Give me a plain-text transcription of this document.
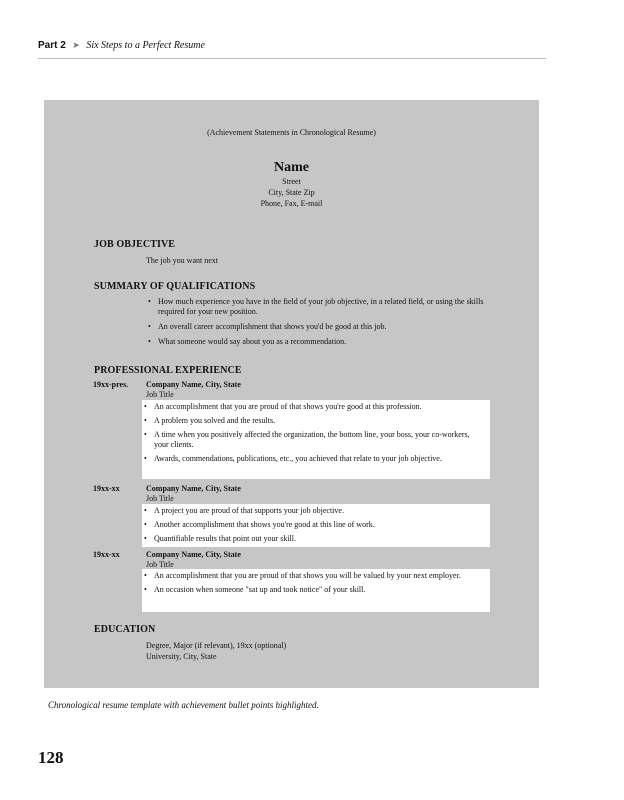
Part 2 ➤ Six Steps to a Perfect Resume
(Achievement Statements in Chronological Resume)
Name
Street
City, State Zip
Phone, Fax, E-mail
JOB OBJECTIVE
The job you want next
SUMMARY OF QUALIFICATIONS
• How much experience you have in the field of your job objective, in a related field, or using the skills required for your new position.
• An overall career accomplishment that shows you'd be good at this job.
• What someone would say about you as a recommendation.
PROFESSIONAL EXPERIENCE
19xx-pres. Company Name, City, State
Job Title
• An accomplishment that you are proud of that shows you're good at this profession.
• A problem you solved and the results.
• A time when you positively affected the organization, the bottom line, your boss, your co-workers, your clients.
• Awards, commendations, publications, etc., you achieved that relate to your job objective.
19xx-xx	Company Name, City, State
Job Title
• A project you are proud of that supports your job objective.
• Another accomplishment that shows you're good at this line of work.
• Quantifiable results that point out your skill.
19xx-xx	Company Name, City, State
Job Title
• An accomplishment that you are proud of that shows you will be valued by your next employer.
• An occasion when someone "sat up and took notice" of your skill.
EDUCATION
Degree, Major (if relevant), 19xx (optional)
University, City, State
Chronological resume template with achievement bullet points highlighted.
128
